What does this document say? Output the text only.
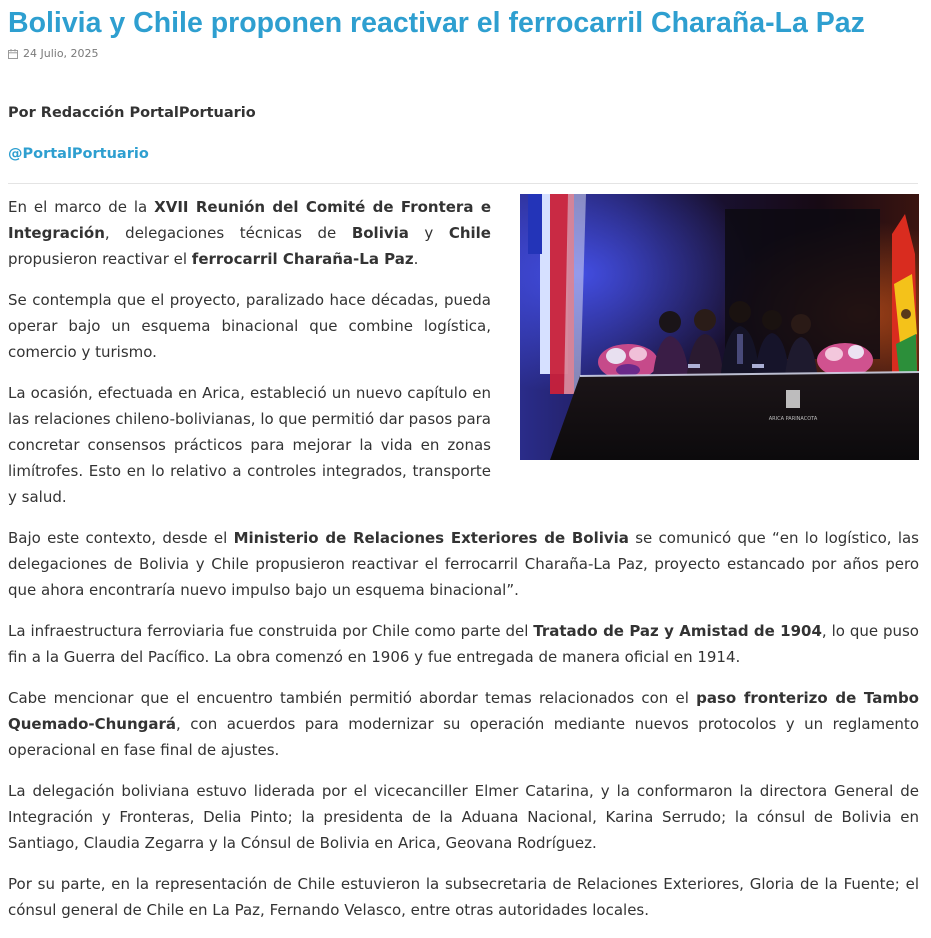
Bolivia y Chile proponen reactivar el ferrocarril Charaña-La Paz
24 Julio, 2025
Por Redacción PortalPortuario
@PortalPortuario
ARICA PARINACOTA

En el marco de la XVII Reunión del Comité de Frontera e Integración, delegaciones técnicas de Bolivia y Chile propusieron reactivar el ferrocarril Charaña-La Paz.

Se contempla que el proyecto, paralizado hace décadas, pueda operar bajo un esquema binacional que combine logística, comercio y turismo.

La ocasión, efectuada en Arica, estableció un nuevo capítulo en las relaciones chileno-bolivianas, lo que permitió dar pasos para concretar consensos prácticos para mejorar la vida en zonas limítrofes. Esto en lo relativo a controles integrados, transporte y salud.

Bajo este contexto, desde el Ministerio de Relaciones Exteriores de Bolivia se comunicó que “en lo logístico, las delegaciones de Bolivia y Chile propusieron reactivar el ferrocarril Charaña-La Paz, proyecto estancado por años pero que ahora encontraría nuevo impulso bajo un esquema binacional”.

La infraestructura ferroviaria fue construida por Chile como parte del Tratado de Paz y Amistad de 1904, lo que puso fin a la Guerra del Pacífico. La obra comenzó en 1906 y fue entregada de manera oficial en 1914.

Cabe mencionar que el encuentro también permitió abordar temas relacionados con el paso fronterizo de Tambo Quemado-Chungará, con acuerdos para modernizar su operación mediante nuevos protocolos y un reglamento operacional en fase final de ajustes.

La delegación boliviana estuvo liderada por el vicecanciller Elmer Catarina, y la conformaron la directora General de Integración y Fronteras, Delia Pinto; la presidenta de la Aduana Nacional, Karina Serrudo; la cónsul de Bolivia en Santiago, Claudia Zegarra y la Cónsul de Bolivia en Arica, Geovana Rodríguez.

Por su parte, en la representación de Chile estuvieron la subsecretaria de Relaciones Exteriores, Gloria de la Fuente; el cónsul general de Chile en La Paz, Fernando Velasco, entre otras autoridades locales.
